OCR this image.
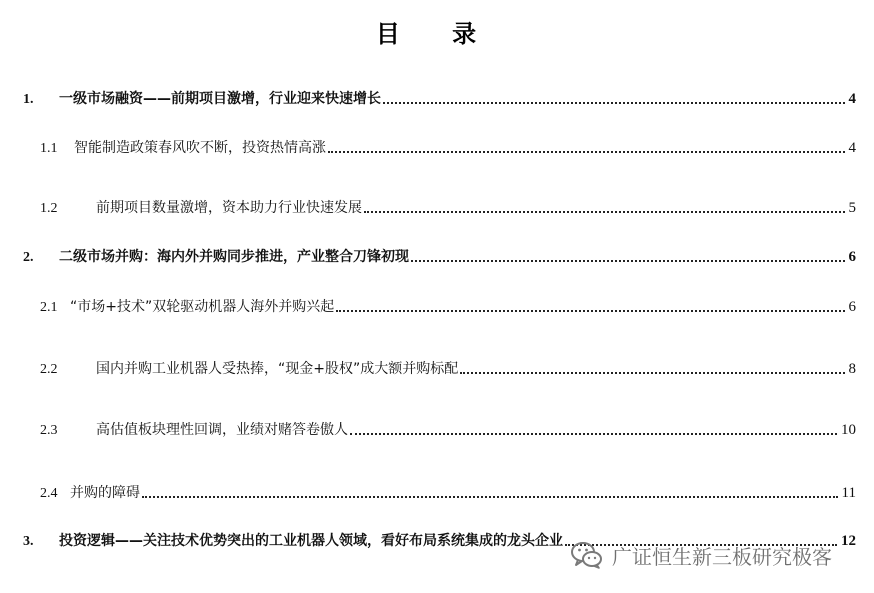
目 录
1.	一级市场融资——前期项目激增，行业迎来快速增长	4
1.1	智能制造政策春风吹不断，投资热情高涨	4
1.2	前期项目数量激增，资本助力行业快速发展	5
2.	二级市场并购：海内外并购同步推进，产业整合刀锋初现	6
2.1 “市场+技术”双轮驱动机器人海外并购兴起	6
2.2	国内并购工业机器人受热捧，“现金+股权”成大额并购标配	8
2.3	高估值板块理性回调，业绩对赌答卷傲人	10
2.4 并购的障碍	11
3.	投资逻辑——关注技术优势突出的工业机器人领域，看好布局系统集成的龙头企业	12
广证恒生新三板研究极客
